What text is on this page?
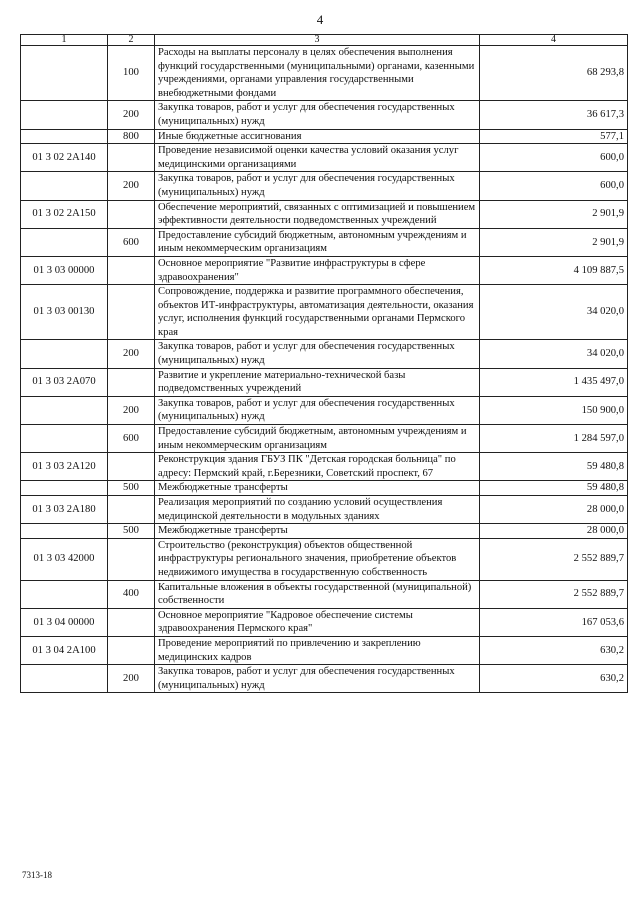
4
1	2	3	4
	100	Расходы на выплаты персоналу в целях обеспечения выполнения функций государственными (муниципальными) органами, казенными учреждениями, органами управления государственными внебюджетными фондами	68 293,8
	200	Закупка товаров, работ и услуг для обеспечения государственных (муниципальных) нужд	36 617,3
	800	Иные бюджетные ассигнования	577,1
01 3 02 2А140		Проведение независимой оценки качества условий оказания услуг медицинскими организациями	600,0
	200	Закупка товаров, работ и услуг для обеспечения государственных (муниципальных) нужд	600,0
01 3 02 2А150		Обеспечение мероприятий, связанных с оптимизацией и повышением эффективности деятельности подведомственных учреждений	2 901,9
	600	Предоставление субсидий бюджетным, автономным учреждениям и иным некоммерческим организациям	2 901,9
01 3 03 00000		Основное мероприятие "Развитие инфраструктуры в сфере здравоохранения"	4 109 887,5
01 3 03 00130		Сопровождение, поддержка и развитие программного обеспечения, объектов ИТ-инфраструктуры, автоматизация деятельности, оказания услуг, исполнения функций государственными органами Пермского края	34 020,0
	200	Закупка товаров, работ и услуг для обеспечения государственных (муниципальных) нужд	34 020,0
01 3 03 2А070		Развитие и укрепление материально-технической базы подведомственных учреждений	1 435 497,0
	200	Закупка товаров, работ и услуг для обеспечения государственных (муниципальных) нужд	150 900,0
	600	Предоставление субсидий бюджетным, автономным учреждениям и иным некоммерческим организациям	1 284 597,0
01 3 03 2А120		Реконструкция здания ГБУЗ ПК "Детская городская больница" по адресу: Пермский край, г.Березники, Советский проспект, 67	59 480,8
	500	Межбюджетные трансферты	59 480,8
01 3 03 2А180		Реализация мероприятий по созданию условий осуществления медицинской деятельности в модульных зданиях	28 000,0
	500	Межбюджетные трансферты	28 000,0
01 3 03 42000		Строительство (реконструкция) объектов общественной инфраструктуры регионального значения, приобретение объектов недвижимого имущества в государственную собственность	2 552 889,7
	400	Капитальные вложения в объекты государственной (муниципальной) собственности	2 552 889,7
01 3 04 00000		Основное мероприятие "Кадровое обеспечение системы здравоохранения Пермского края"	167 053,6
01 3 04 2А100		Проведение мероприятий по привлечению и закреплению медицинских кадров	630,2
	200	Закупка товаров, работ и услуг для обеспечения государственных (муниципальных) нужд	630,2
7313-18
